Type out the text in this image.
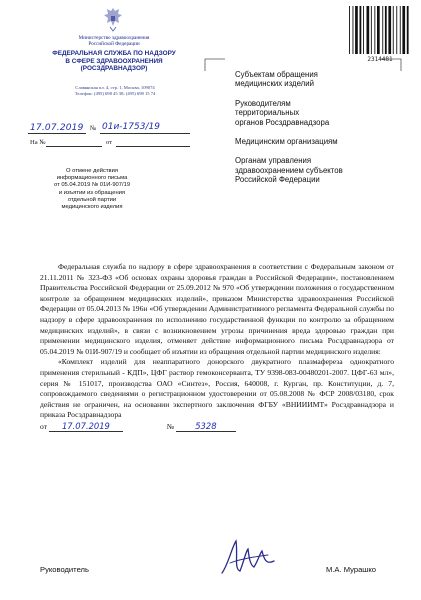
Министерство здравоохранения
Российской Федерации
ФЕДЕРАЛЬНАЯ СЛУЖБА ПО НАДЗОРУ
В СФЕРЕ ЗДРАВООХРАНЕНИЯ
(РОСЗДРАВНАДЗОР)
Славянская пл. 4, стр. 1, Москва, 109074
Телефон: (495) 698 45 38; (495) 698 15 74
2314481
17.07.2019 № 01и-1753/19
На №	от
Субъектам обращения
медицинских изделий
Руководителям
территориальных
органов Росздравнадзора
Медицинским организациям
Органам управления
здравоохранением субъектов
Российской Федерации
О отмене действия
информационного письма
от 05.04.2019 № 01И-907/19
и изъятии из обращения
отдельной партии
медицинского изделия

Федеральная служба по надзору в сфере здравоохранения в соответствии с Федеральным законом от 21.11.2011 № 323-ФЗ «Об основах охраны здоровья граждан в Российской Федерации», постановлением Правительства Российской Федерации от 25.09.2012 № 970 «Об утверждении положения о государственном контроле за обращением медицинских изделий», приказом Министерства здравоохранения Российской Федерации от 05.04.2013 № 196н «Об утверждении Административного регламента Федеральной службы по надзору в сфере здравоохранения по исполнению государственной функции по контролю за обращением медицинских изделий», в связи с возникновением угрозы причинения вреда здоровью граждан при применении медицинского изделия, отменяет действие информационного письма Росздравнадзора от 05.04.2019 № 01И-907/19 и сообщает об изъятии из обращения отдельной партии медицинского изделия:

«Комплект изделий для неаппаратного донорского двукратного плазмафереза однократного применения стерильный - КДП», ЦФГ раствор гемоконсерванта, ТУ 9398-083-00480201-2007. ЦФГ-63 мл», серия № 151017, производства ОАО «Синтез», Россия, 640008, г. Курган, пр. Конституции, д. 7, сопровождаемого сведениями о регистрационном удостоверении от 05.08.2008 № ФСР 2008/03180, срок действия не ограничен, на основании экспертного заключения ФГБУ «ВНИИИМТ» Росздравнадзора и приказа Росздравнадзора

от 17.07.2019	№	5328

Руководитель	М.А. Мурашко
